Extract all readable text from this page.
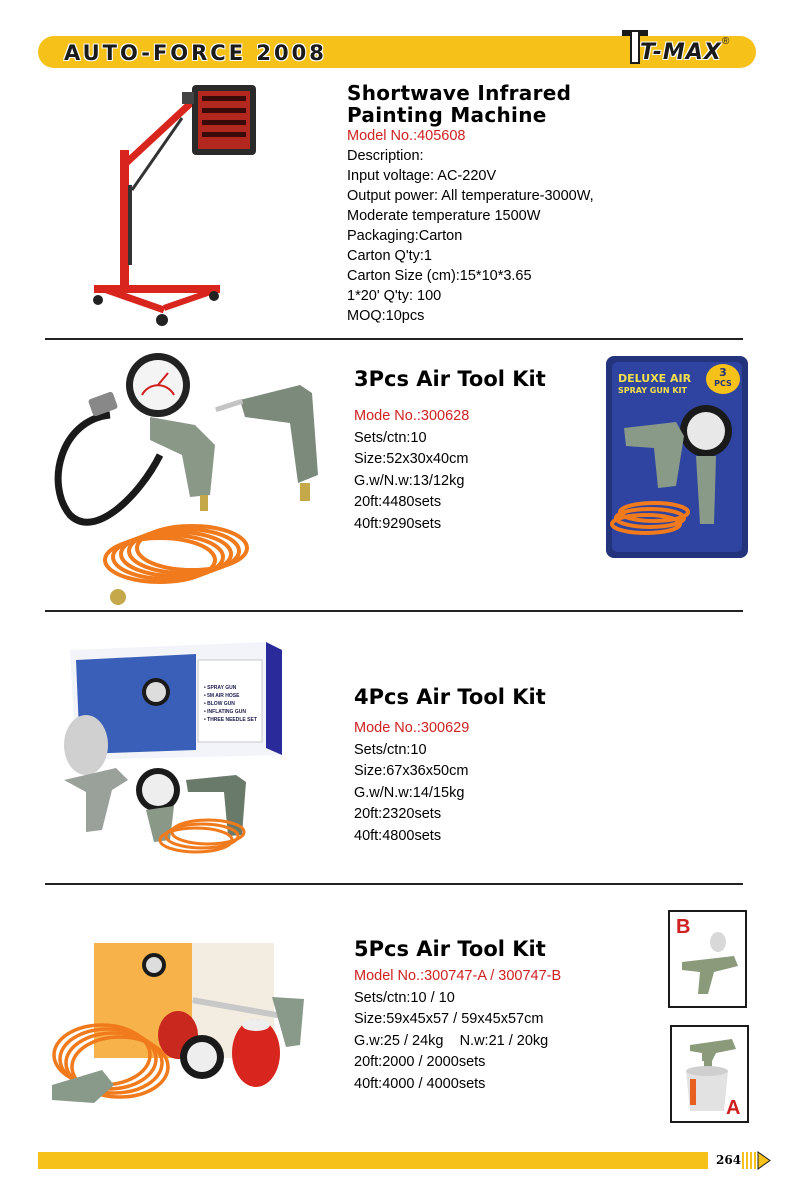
AUTO-FORCE 2008	T-MAX ®
Shortwave Infrared
Painting Machine
Model No.:405608
Description:
Input voltage: AC-220V
Output power: All temperature-3000W,
Moderate temperature 1500W
Packaging:Carton
Carton Q'ty:1
Carton Size (cm):15*10*3.65
1*20' Q'ty: 100
MOQ:10pcs
3Pcs Air Tool Kit
Mode No.:300628
Sets/ctn:10
Size:52x30x40cm
G.w/N.w:13/12kg
20ft:4480sets
40ft:9290sets
DELUXE AIR
SPRAY GUN KIT
3
PCS
• SPRAY GUN
• 5M AIR HOSE
• BLOW GUN
• INFLATING GUN
• THREE NEEDLE SET
4Pcs Air Tool Kit
Mode No.:300629
Sets/ctn:10
Size:67x36x50cm
G.w/N.w:14/15kg
20ft:2320sets
40ft:4800sets
5Pcs Air Tool Kit
Model No.:300747-A / 300747-B
Sets/ctn:10 / 10
Size:59x45x57 / 59x45x57cm
G.w:25 / 24kg    N.w:21 / 20kg
20ft:2000 / 2000sets
40ft:4000 / 4000sets
B
A
264
